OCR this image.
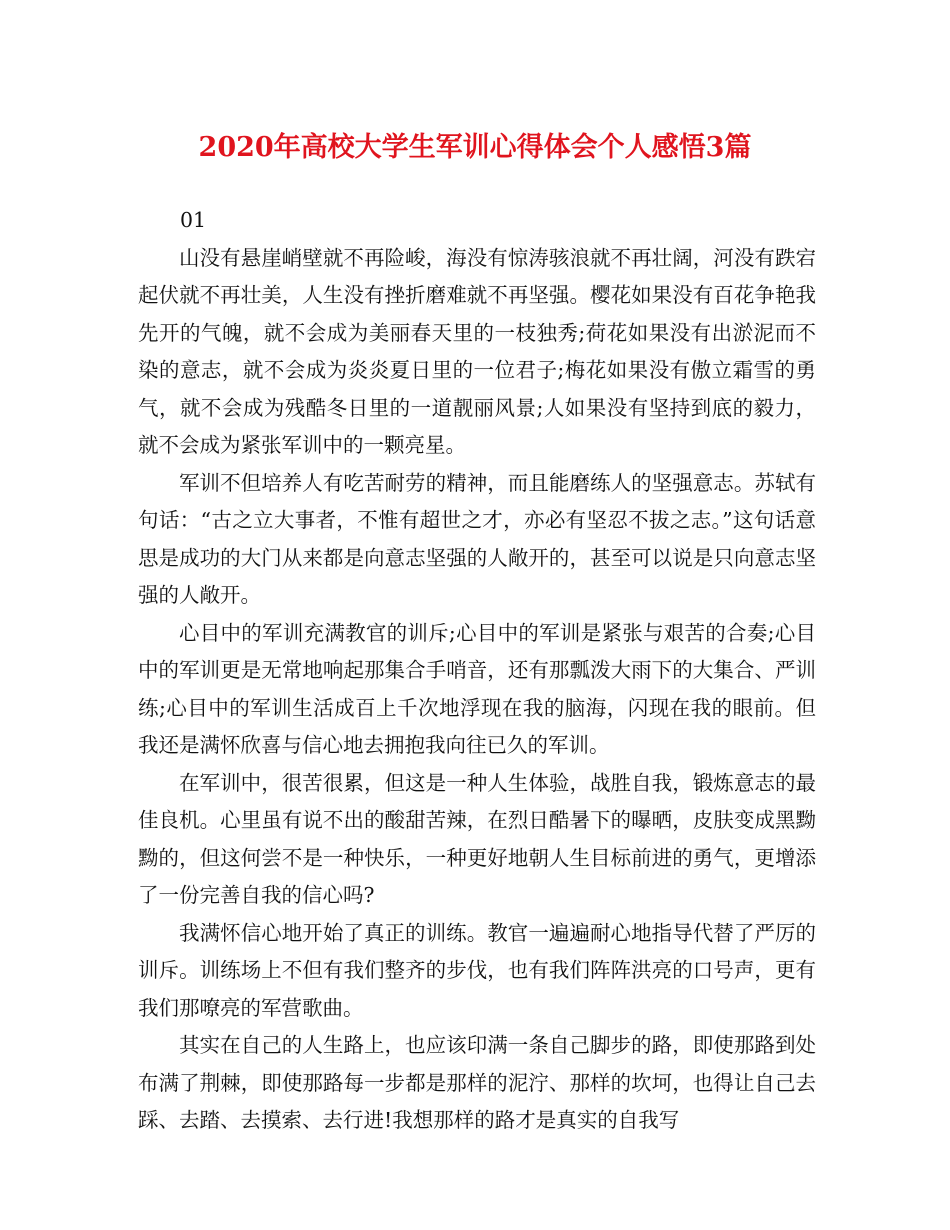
2020年高校大学生军训心得体会个人感悟3篇

01

山没有悬崖峭壁就不再险峻，海没有惊涛骇浪就不再壮阔，河没有跌宕起伏就不再壮美，人生没有挫折磨难就不再坚强。樱花如果没有百花争艳我先开的气魄，就不会成为美丽春天里的一枝独秀;荷花如果没有出淤泥而不染的意志，就不会成为炎炎夏日里的一位君子;梅花如果没有傲立霜雪的勇气，就不会成为残酷冬日里的一道靓丽风景;人如果没有坚持到底的毅力，就不会成为紧张军训中的一颗亮星。

军训不但培养人有吃苦耐劳的精神，而且能磨练人的坚强意志。苏轼有句话：“古之立大事者，不惟有超世之才，亦必有坚忍不拔之志。”这句话意思是成功的大门从来都是向意志坚强的人敞开的，甚至可以说是只向意志坚强的人敞开。

心目中的军训充满教官的训斥;心目中的军训是紧张与艰苦的合奏;心目中的军训更是无常地响起那集合手哨音，还有那瓢泼大雨下的大集合、严训练;心目中的军训生活成百上千次地浮现在我的脑海，闪现在我的眼前。但我还是满怀欣喜与信心地去拥抱我向往已久的军训。

在军训中，很苦很累，但这是一种人生体验，战胜自我，锻炼意志的最佳良机。心里虽有说不出的酸甜苦辣，在烈日酷暑下的曝晒，皮肤变成黑黝黝的，但这何尝不是一种快乐，一种更好地朝人生目标前进的勇气，更增添了一份完善自我的信心吗?

我满怀信心地开始了真正的训练。教官一遍遍耐心地指导代替了严厉的训斥。训练场上不但有我们整齐的步伐，也有我们阵阵洪亮的口号声，更有我们那嘹亮的军营歌曲。

其实在自己的人生路上，也应该印满一条自己脚步的路，即使那路到处布满了荆棘，即使那路每一步都是那样的泥泞、那样的坎坷，也得让自己去踩、去踏、去摸索、去行进!我想那样的路才是真实的自我写
